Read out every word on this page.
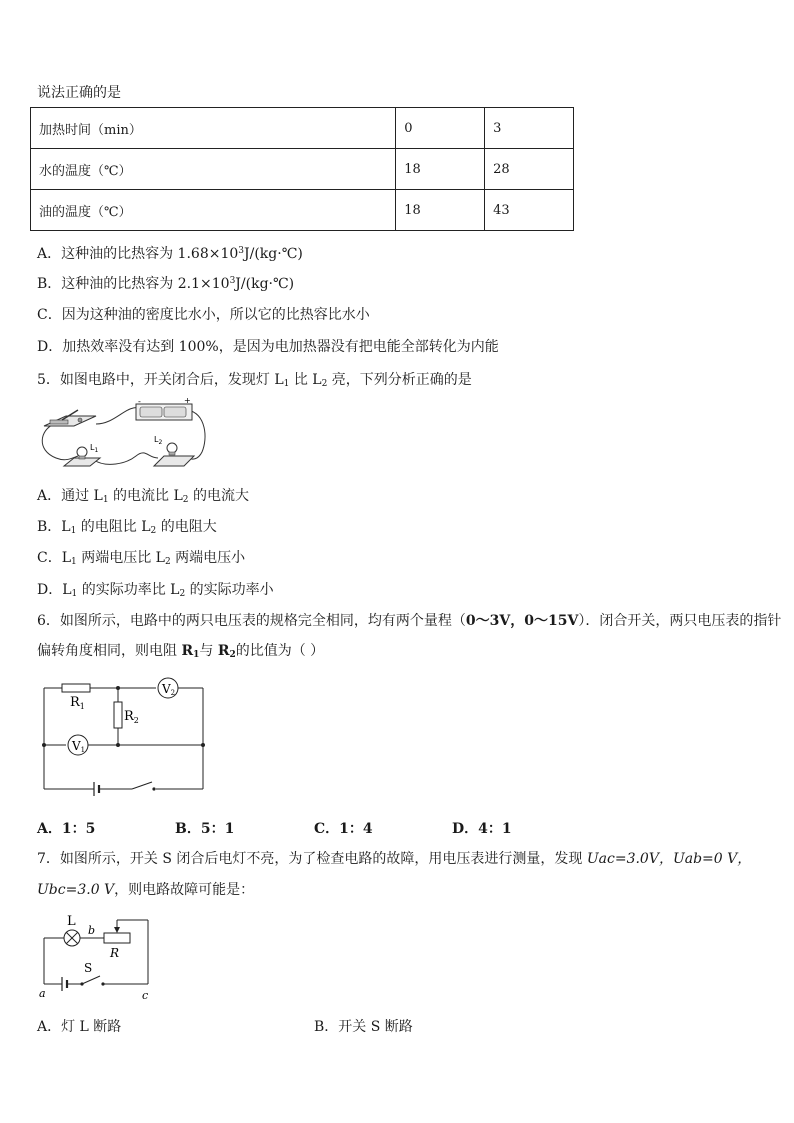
说法正确的是
加热时间（min）	0	3
水的温度（℃）	18	28
油的温度（℃）	18	43
A．这种油的比热容为 $1.68\times 10^3J/(kg\cdot℃)$
B．这种油的比热容为 $2.1\times 10^3J/(kg\cdot℃)$
C．因为这种油的密度比水小，所以它的比热容比水小
D．加热效率没有达到 100%，是因为电加热器没有把电能全部转化为内能
5．如图电路中，开关闭合后，发现灯 $L_1$ 比 $L_2$ 亮，下列分析正确的是
-	+
$L_1$
$L_2$
A．通过 $L_1$ 的电流比 $L_2$ 的电流大
B．$L_1$ 的电阻比 $L_2$ 的电阻大
C．$L_1$ 两端电压比 $L_2$ 两端电压小
D．$L_1$ 的实际功率比 $L_2$ 的实际功率小
6．如图所示，电路中的两只电压表的规格完全相同，均有两个量程（0～3V，0～15V）．闭合开关，两只电压表的指针
偏转角度相同，则电阻 $R_1$与 $R_2$的比值为（ ）
$R_1$
$R_2$
V2
V1
A．1：5	B．5：1	C．1：4	D．4：1
7．如图所示，开关 S 闭合后电灯不亮，为了检查电路的故障，用电压表进行测量，发现 Uac=3.0V，Uab=0 V，
Ubc=3.0 V，则电路故障可能是：
L
b
R
S
a	c
A．灯 L 断路	B．开关 S 断路
